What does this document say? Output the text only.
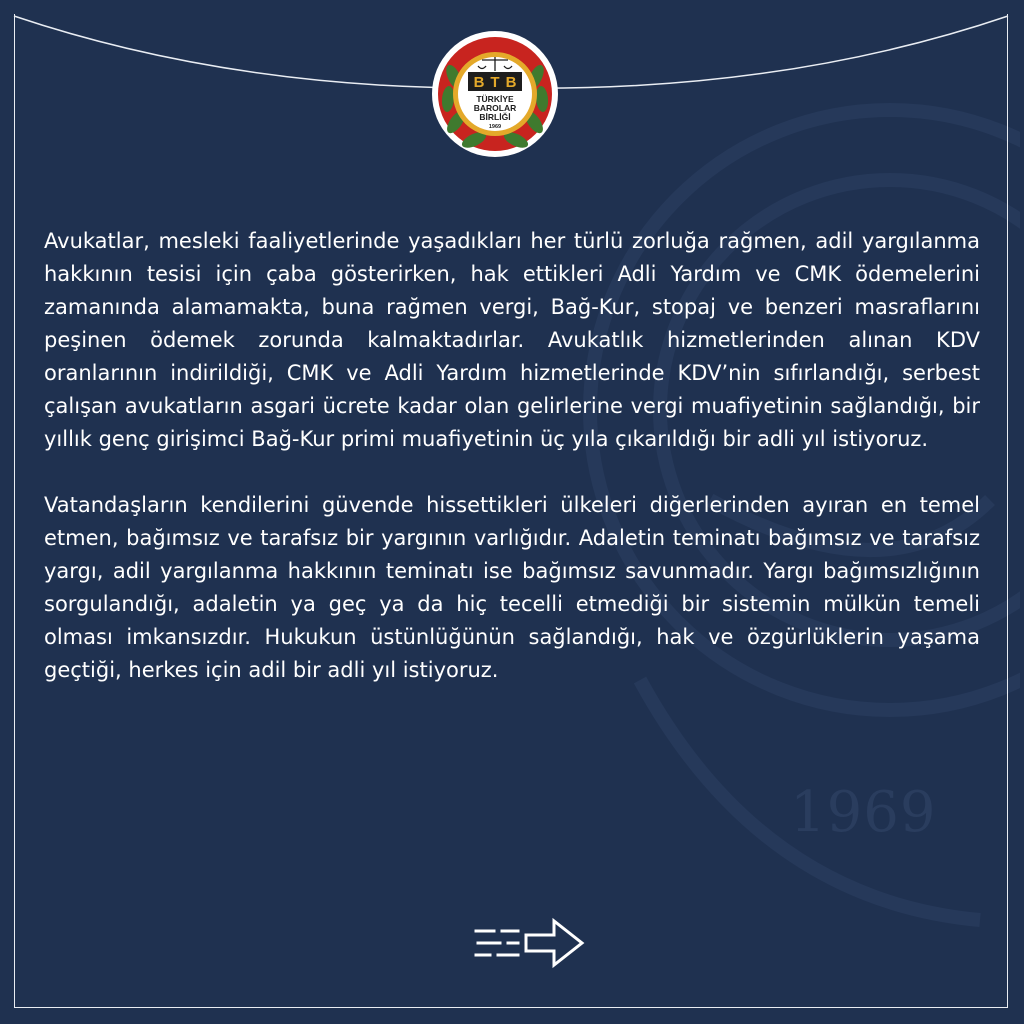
1969
B T B
TÜRKİYE
BAROLAR
BİRLİĞİ
1969

Avukatlar, mesleki faaliyetlerinde yaşadıkları her türlü zorluğa rağmen, adil yargılanma hakkının tesisi için çaba gösterirken, hak ettikleri Adli Yardım ve CMK ödemelerini zamanında alamamakta, buna rağmen vergi, Bağ-Kur, stopaj ve benzeri masraflarını peşinen ödemek zorunda kalmaktadırlar. Avukatlık hizmetlerinden alınan KDV oranlarının indirildiği, CMK ve Adli Yardım hizmetlerinde KDV’nin sıfırlandığı, serbest çalışan avukatların asgari ücrete kadar olan gelirlerine vergi muafiyetinin sağlandığı, bir yıllık genç girişimci Bağ-Kur primi muafiyetinin üç yıla çıkarıldığı bir adli yıl istiyoruz.

Vatandaşların kendilerini güvende hissettikleri ülkeleri diğerlerinden ayıran en temel etmen, bağımsız ve tarafsız bir yargının varlığıdır. Adaletin teminatı bağımsız ve tarafsız yargı, adil yargılanma hakkının teminatı ise bağımsız savunmadır. Yargı bağımsızlığının sorgulandığı, adaletin ya geç ya da hiç tecelli etmediği bir sistemin mülkün temeli olması imkansızdır. Hukukun üstünlüğünün sağlandığı, hak ve özgürlüklerin yaşama geçtiği, herkes için adil bir adli yıl istiyoruz.
